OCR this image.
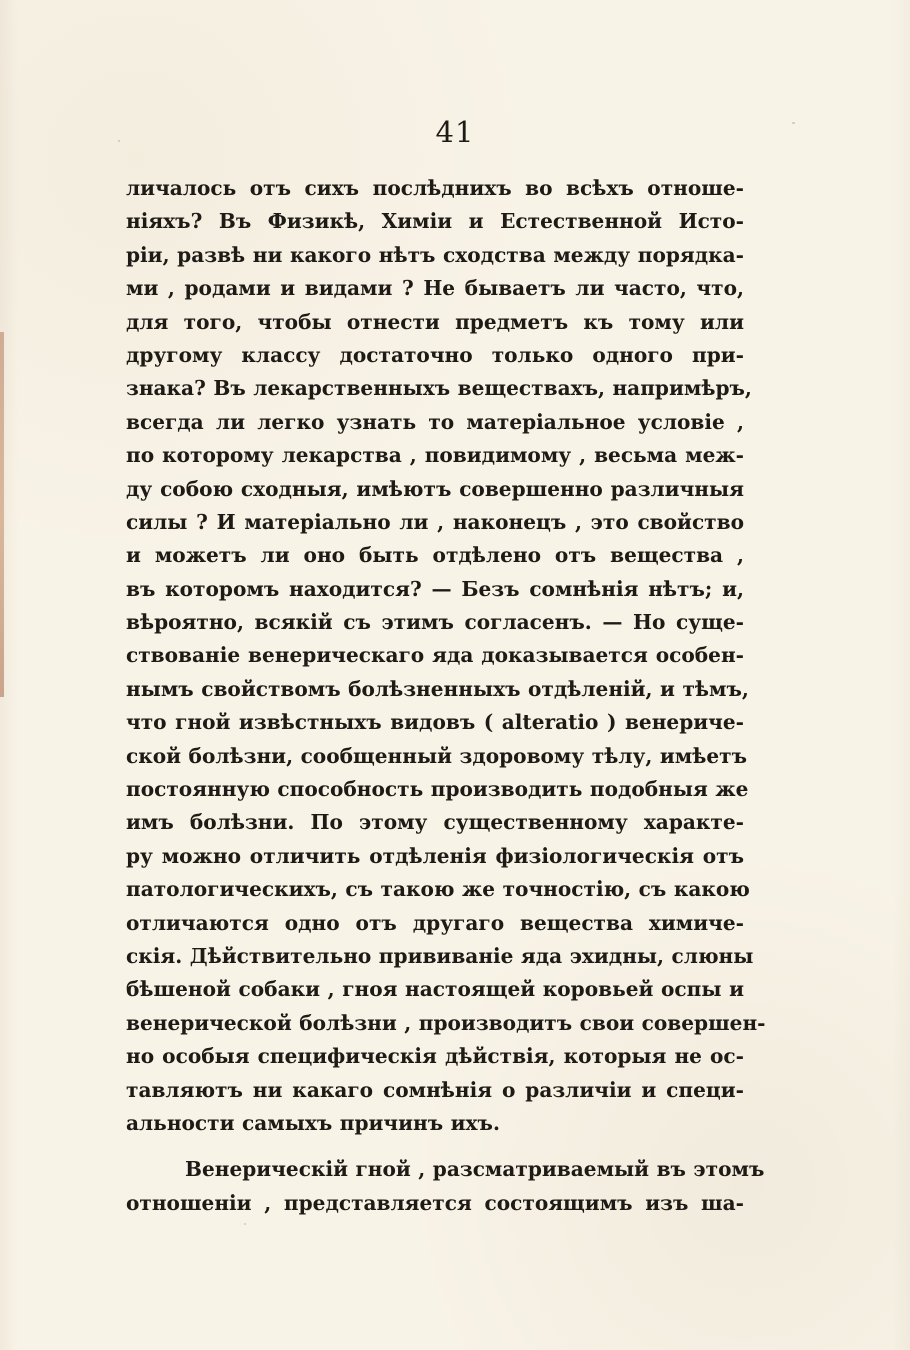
41
личалось отъ сихъ послѣднихъ во всѣхъ отноше-
ніяхъ? Въ Физикѣ, Химіи и Естественной Исто-
ріи, развѣ ни какого нѣтъ сходства между порядка-
ми , родами и видами ? Не бываетъ ли часто, что,
для того, чтобы отнести предметъ къ тому или
другому классу достаточно только одного при-
знака? Въ лекарственныхъ веществахъ, напримѣръ,
всегда ли легко узнать то матеріальное условіе ,
по которому лекарства , повидимому , весьма меж-
ду собою сходныя, имѣютъ совершенно различныя
силы ? И матеріально ли , наконецъ , это свойство
и можетъ ли оно быть отдѣлено отъ вещества ,
въ которомъ находится? — Безъ сомнѣнія нѣтъ; и,
вѣроятно, всякій съ этимъ согласенъ. — Но суще-
ствованіе венерическаго яда доказывается особен-
нымъ свойствомъ болѣзненныхъ отдѣленій, и тѣмъ,
что гной извѣстныхъ видовъ ( alteratio ) венериче-
ской болѣзни, сообщенный здоровому тѣлу, имѣетъ
постоянную способность производить подобныя же
имъ болѣзни. По этому существенному характе-
ру можно отличить отдѣленія физіологическія отъ
патологическихъ, съ такою же точностію, съ какою
отличаются одно отъ другаго вещества химиче-
скія. Дѣйствительно прививаніе яда эхидны, слюны
бѣшеной собаки , гноя настоящей коровьей оспы и
венерической болѣзни , производитъ свои совершен-
но особыя специфическія дѣйствія, которыя не ос-
тавляютъ ни какаго сомнѣнія о различіи и специ-
альности самыхъ причинъ ихъ.
Венерическій гной , разсматриваемый въ этомъ
отношеніи , представляется состоящимъ изъ ша-
